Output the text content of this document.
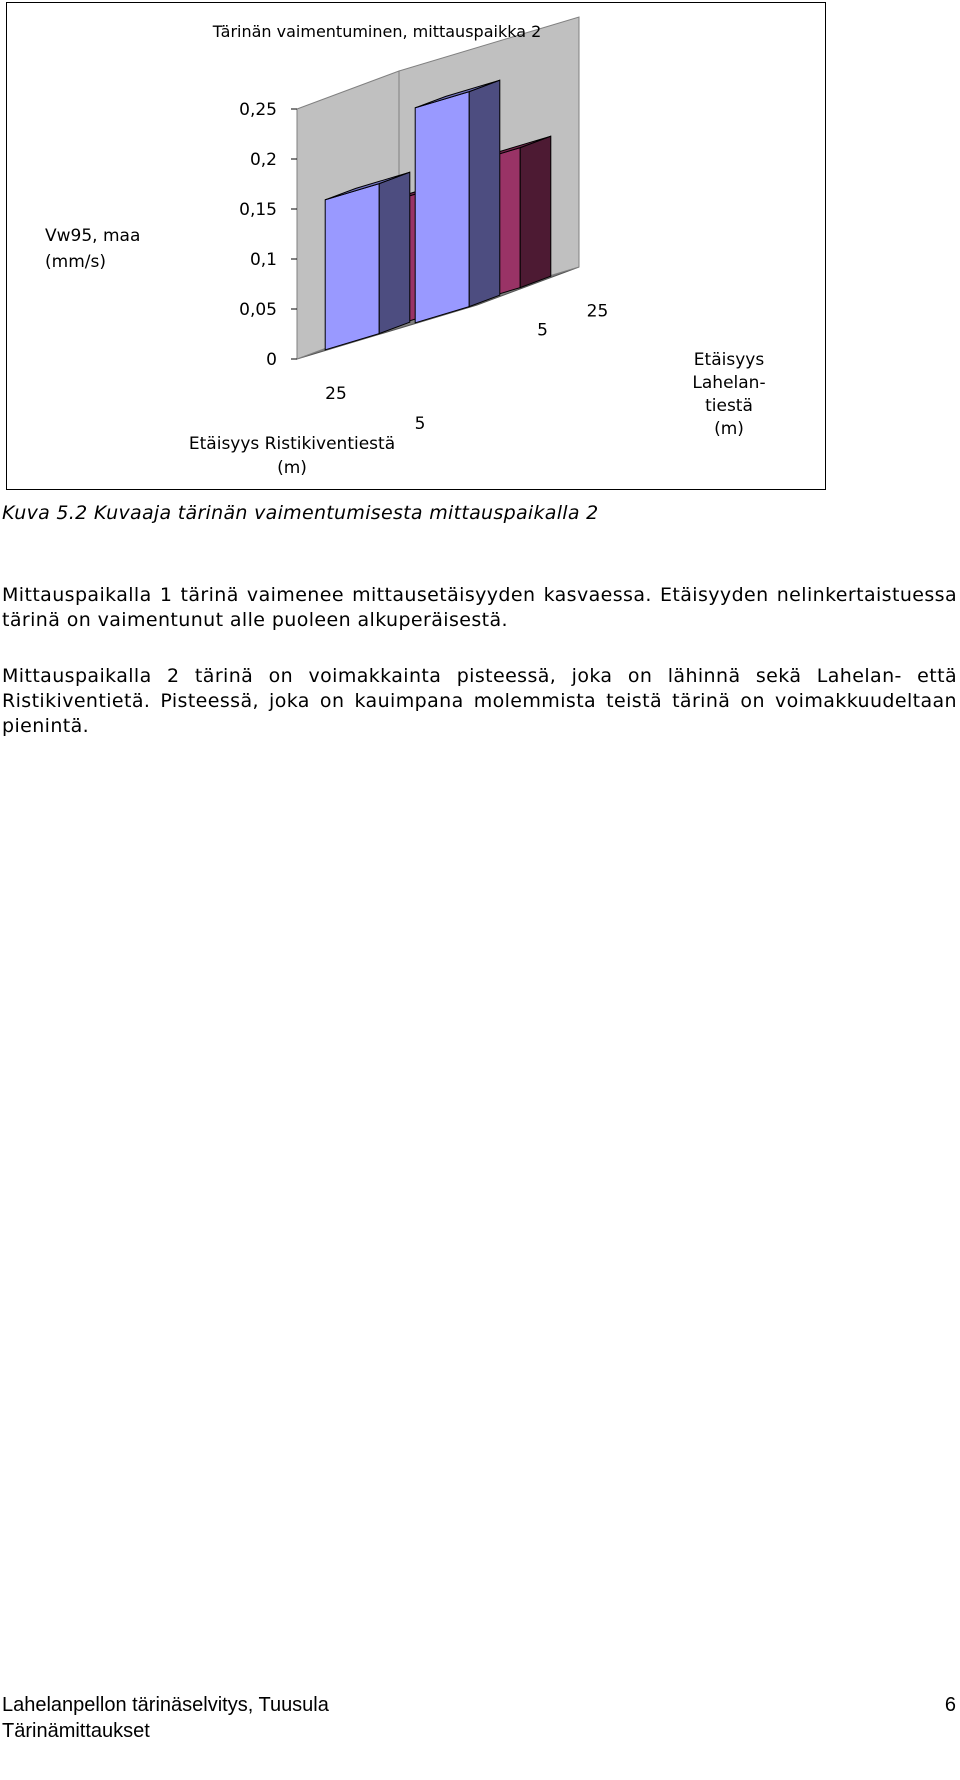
0,25
0,2
0,15
0,1
0,05
0
Tärinän vaimentuminen, mittauspaikka 2
Vw95, maa
(mm/s)
25
5
Etäisyys Ristikiventiestä
(m)
5
25
Etäisyys
Lahelan-
tiestä
(m)
Kuva 5.2 Kuvaaja tärinän vaimentumisesta mittauspaikalla 2
Mittauspaikalla 1 tärinä vaimenee mittausetäisyyden kasvaessa. Etäisyyden nelinkertaistuessa tärinä on vaimentunut alle puoleen alkuperäisestä.
Mittauspaikalla 2 tärinä on voimakkainta pisteessä, joka on lähinnä sekä Lahelan- että Ristikiventietä. Pisteessä, joka on kauimpana molemmista teistä tärinä on voimakkuudeltaan pienintä.
Lahelanpellon tärinäselvitys, Tuusula
Tärinämittaukset
6
